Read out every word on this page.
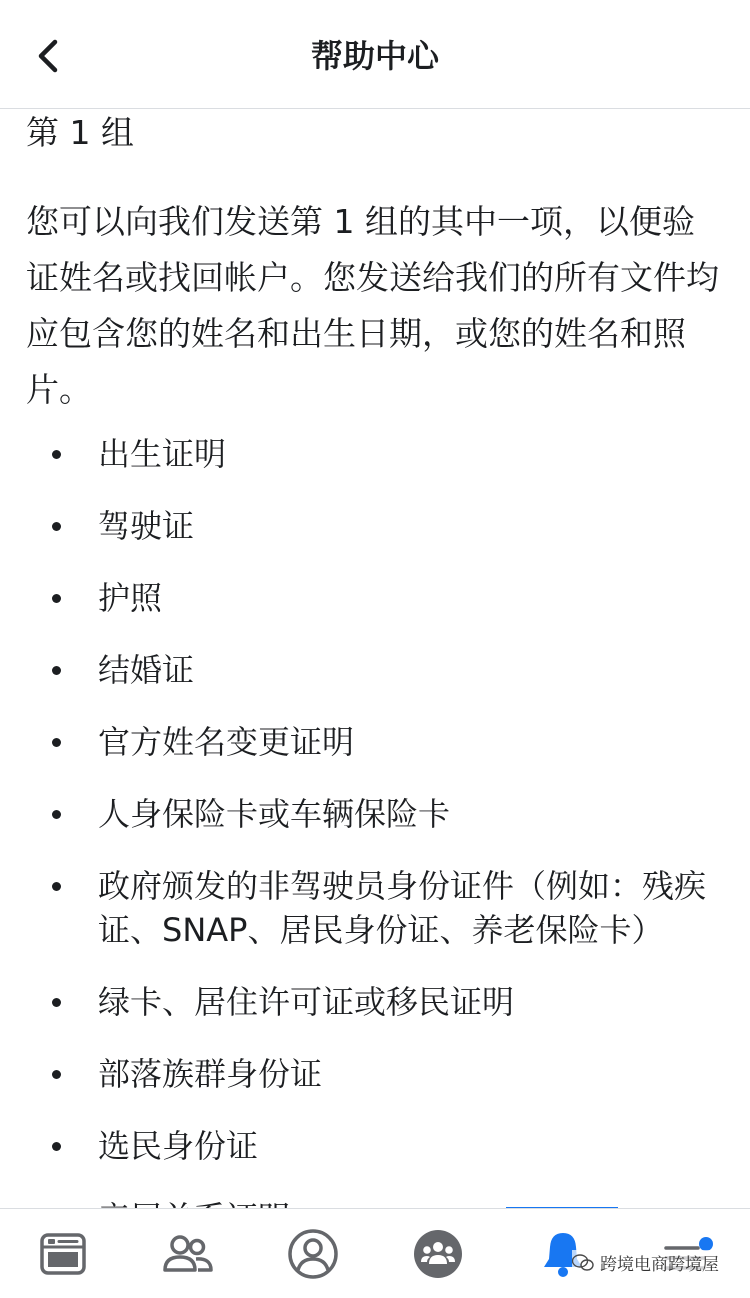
帮助中心
第 1 组

您可以向我们发送第 1 组的其中一项，以便验证姓名或找回帐户。您发送给我们的所有文件均应包含您的姓名和出生日期，或您的姓名和照片。

出生证明
驾驶证
护照
结婚证
官方姓名变更证明
人身保险卡或车辆保险卡
政府颁发的非驾驶员身份证件（例如：残疾证、SNAP、居民身份证、养老保险卡）
绿卡、居住许可证或移民证明
部落族群身份证
选民身份证
跨境电商跨境屋
